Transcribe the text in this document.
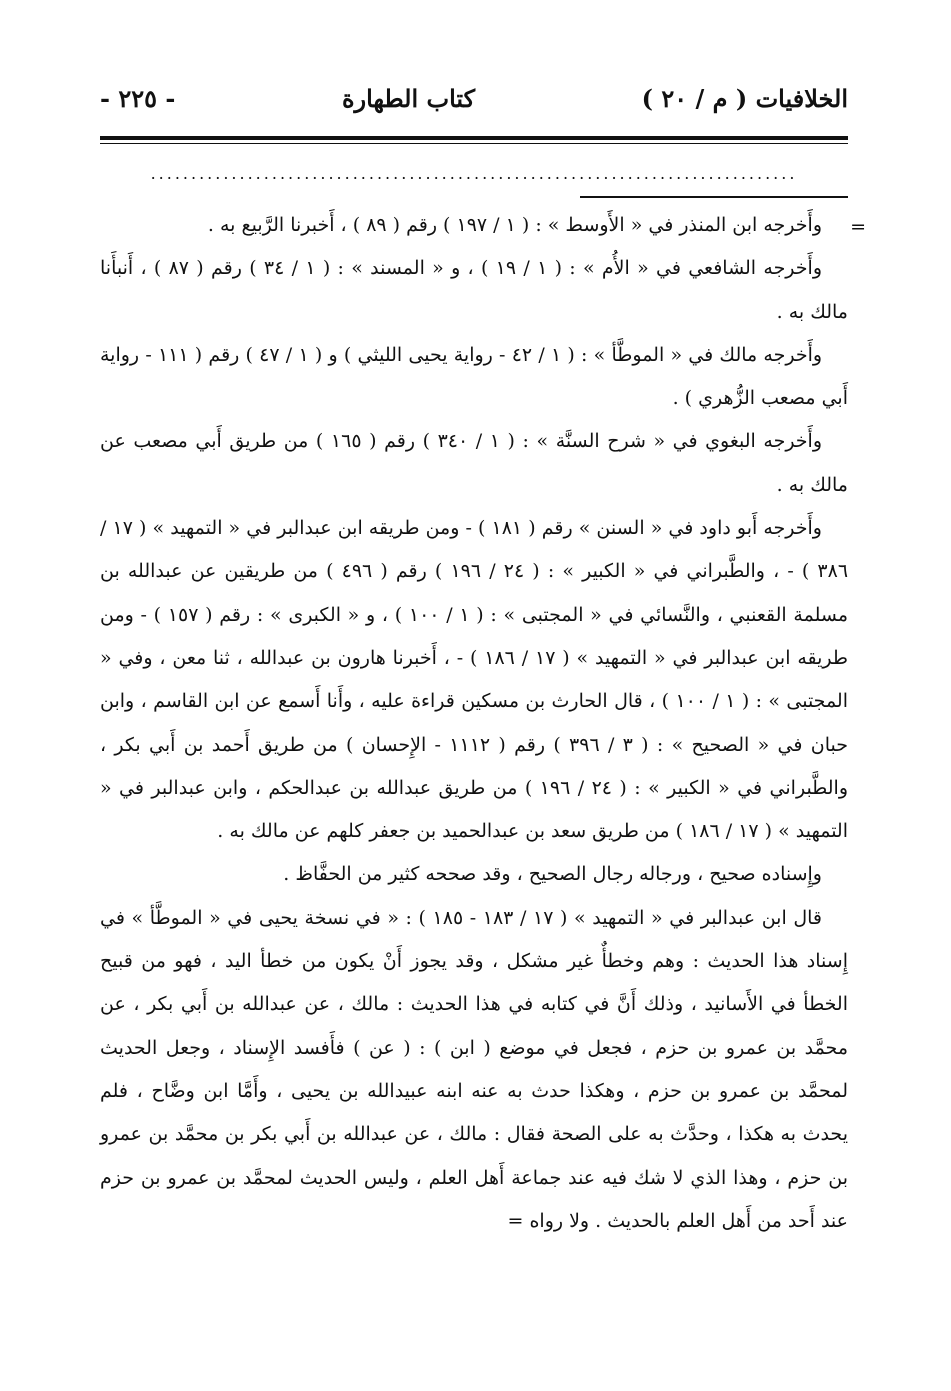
الخلافيات ( م / ٢٠ )
كتاب الطهارة
- ٢٢٥ -
................................................................................
=

وأَخرجه ابن المنذر في « الأَوسط » : ( ١ / ١٩٧ ) رقم ( ٨٩ ) ، أَخبرنا الرَّبيع به .

وأَخرجه الشافعي في « الأُم » : ( ١ / ١٩ ) ، و « المسند » : ( ١ / ٣٤ ) رقم ( ٨٧ ) ، أَنبأَنا مالك به .

وأَخرجه مالك في « الموطَّأ » : ( ١ / ٤٢ - رواية يحيى الليثي ) و ( ١ / ٤٧ ) رقم ( ١١١ - رواية أَبي مصعب الزُّهري ) .

وأَخرجه البغوي في « شرح السنَّة » : ( ١ / ٣٤٠ ) رقم ( ١٦٥ ) من طريق أَبي مصعب عن مالك به .

وأَخرجه أَبو داود في « السنن » رقم ( ١٨١ ) - ومن طريقه ابن عبدالبر في « التمهيد » ( ١٧ / ٣٨٦ ) - ، والطَّبراني في « الكبير » : ( ٢٤ / ١٩٦ ) رقم ( ٤٩٦ ) من طريقين عن عبدالله بن مسلمة القعنبي ، والنَّسائي في « المجتبى » : ( ١ / ١٠٠ ) ، و « الكبرى » : رقم ( ١٥٧ ) - ومن طريقه ابن عبدالبر في « التمهيد » ( ١٧ / ١٨٦ ) - ، أَخبرنا هارون بن عبدالله ، ثنا معن ، وفي « المجتبى » : ( ١ / ١٠٠ ) ، قال الحارث بن مسكين قراءة عليه ، وأَنا أَسمع عن ابن القاسم ، وابن حبان في « الصحيح » : ( ٣ / ٣٩٦ ) رقم ( ١١١٢ - الإِحسان ) من طريق أَحمد بن أَبي بكر ، والطَّبراني في « الكبير » : ( ٢٤ / ١٩٦ ) من طريق عبدالله بن عبدالحكم ، وابن عبدالبر في « التمهيد » ( ١٧ / ١٨٦ ) من طريق سعد بن عبدالحميد بن جعفر كلهم عن مالك به .

وإِسناده صحيح ، ورجاله رجال الصحيح ، وقد صححه كثير من الحفَّاظ .

قال ابن عبدالبر في « التمهيد » ( ١٧ / ١٨٣ - ١٨٥ ) : « في نسخة يحيى في « الموطَّأ » في إِسناد هذا الحديث : وهم وخطأٌ غير مشكل ، وقد يجوز أَنْ يكون من خطأ اليد ، فهو من قبيح الخطأ في الأَسانيد ، وذلك أَنَّ في كتابه في هذا الحديث : مالك ، عن عبدالله بن أَبي بكر ، عن محمَّد بن عمرو بن حزم ، فجعل في موضع ( ابن ) : ( عن ) فأَفسد الإِسناد ، وجعل الحديث لمحمَّد بن عمرو بن حزم ، وهكذا حدث به عنه ابنه عبيدالله بن يحيى ، وأَمَّا ابن وضَّاح ، فلم يحدث به هكذا ، وحدَّث به على الصحة فقال : مالك ، عن عبدالله بن أَبي بكر بن محمَّد بن عمرو بن حزم ، وهذا الذي لا شك فيه عند جماعة أَهل العلم ، وليس الحديث لمحمَّد بن عمرو بن حزم عند أَحد من أَهل العلم بالحديث . ولا رواه =
